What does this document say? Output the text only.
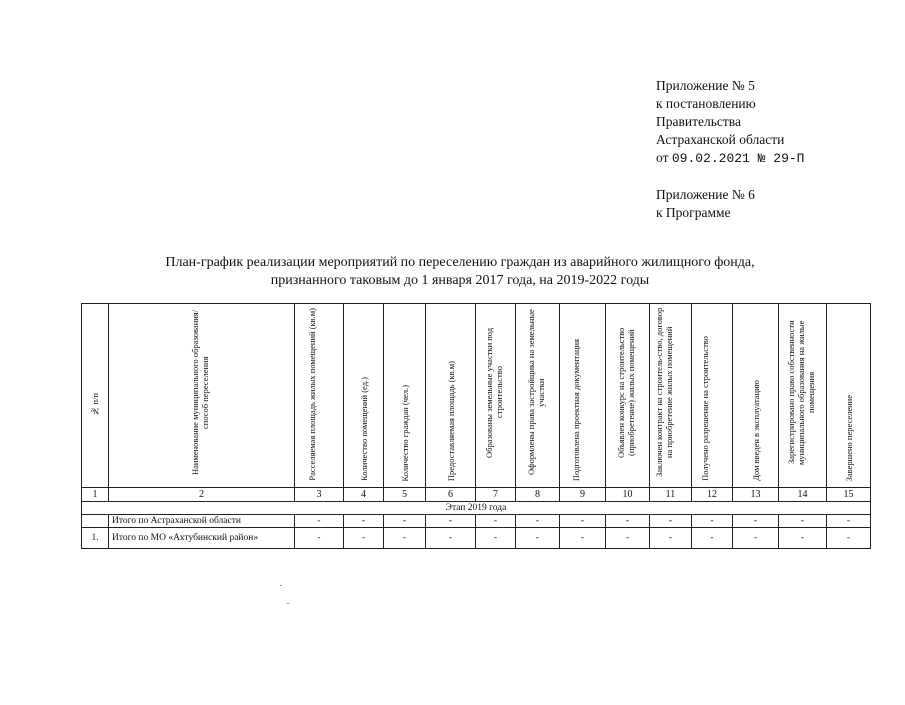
Приложение № 5
к постановлению
Правительства
Астраханской области
от 09.02.2021 № 29-П
Приложение № 6
к Программе
План-график реализации мероприятий по переселению граждан из аварийного жилищного фонда,
признанного таковым до 1 января 2017 года, на 2019-2022 годы
№ п/п	Наименование муниципального образования/ способ переселения	Расселяемая площадь жилых помещений (кв.м)	Количество помещений (ед.)	Количество граждан (чел.)	Предоставляемая площадь (кв.м)	Образованы земельные участки под строительство	Оформлены права застройщика на земельные участки	Подготовлена проектная документация	Объявлен конкурс на строительство (приобретение) жилых помещений	Заключен контракт на строитель-ство, договор на приобретение жилых помещений	Получено разрешение на строительство	Дом введен в эксплуатацию	Зарегистрировано право собственности муниципального образования на жилые помещения	Завершено переселение

1	2	3	4	5	6	7	8	9	10	11	12	13	14	15
Этап 2019 года														
	Итого по Астраханской области	-	-	-	-	-	-	-	-	-	-	-	-	-
1.	Итого по МО «Ахтубинский район»	-	-	-	-	-	-	-	-	-	-	-	-	-
